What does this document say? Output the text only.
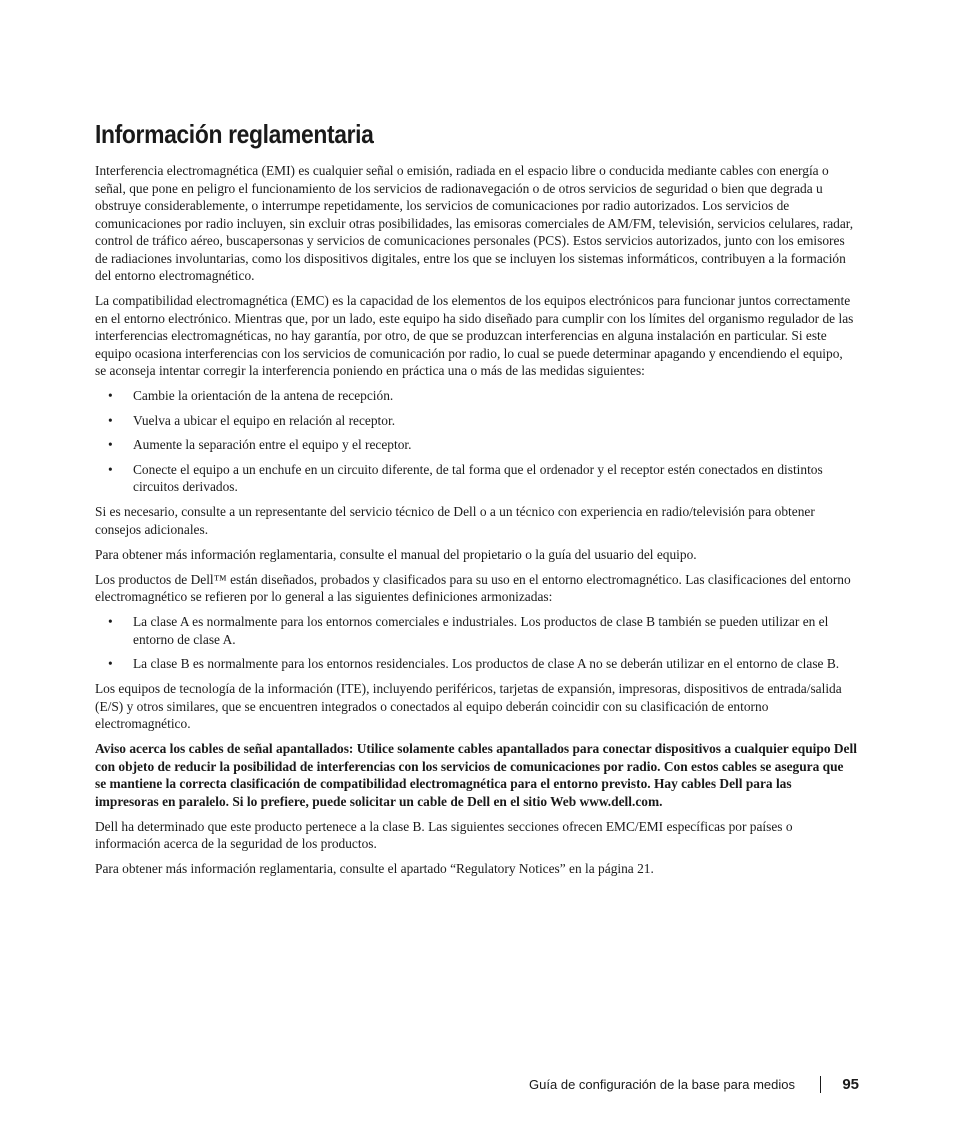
Información reglamentaria

Interferencia electromagnética (EMI) es cualquier señal o emisión, radiada en el espacio libre o conducida mediante cables con energía o señal, que pone en peligro el funcionamiento de los servicios de radionavegación o de otros servicios de seguridad o bien que degrada u obstruye considerablemente, o interrumpe repetidamente, los servicios de comunicaciones por radio autorizados. Los servicios de comunicaciones por radio incluyen, sin excluir otras posibilidades, las emisoras comerciales de AM/FM, televisión, servicios celulares, radar, control de tráfico aéreo, buscapersonas y servicios de comunicaciones personales (PCS). Estos servicios autorizados, junto con los emisores de radiaciones involuntarias, como los dispositivos digitales, entre los que se incluyen los sistemas informáticos, contribuyen a la formación del entorno electromagnético.

La compatibilidad electromagnética (EMC) es la capacidad de los elementos de los equipos electrónicos para funcionar juntos correctamente en el entorno electrónico. Mientras que, por un lado, este equipo ha sido diseñado para cumplir con los límites del organismo regulador de las interferencias electromagnéticas, no hay garantía, por otro, de que se produzcan interferencias en alguna instalación en particular. Si este equipo ocasiona interferencias con los servicios de comunicación por radio, lo cual se puede determinar apagando y encendiendo el equipo, se aconseja intentar corregir la interferencia poniendo en práctica una o más de las medidas siguientes:

• Cambie la orientación de la antena de recepción.
• Vuelva a ubicar el equipo en relación al receptor.
• Aumente la separación entre el equipo y el receptor.
• Conecte el equipo a un enchufe en un circuito diferente, de tal forma que el ordenador y el receptor estén conectados en distintos circuitos derivados.

Si es necesario, consulte a un representante del servicio técnico de Dell o a un técnico con experiencia en radio/televisión para obtener consejos adicionales.

Para obtener más información reglamentaria, consulte el manual del propietario o la guía del usuario del equipo.

Los productos de Dell™ están diseñados, probados y clasificados para su uso en el entorno electromagnético. Las clasificaciones del entorno electromagnético se refieren por lo general a las siguientes definiciones armonizadas:

• La clase A es normalmente para los entornos comerciales e industriales. Los productos de clase B también se pueden utilizar en el entorno de clase A.
• La clase B es normalmente para los entornos residenciales. Los productos de clase A no se deberán utilizar en el entorno de clase B.

Los equipos de tecnología de la información (ITE), incluyendo periféricos, tarjetas de expansión, impresoras, dispositivos de entrada/salida (E/S) y otros similares, que se encuentren integrados o conectados al equipo deberán coincidir con su clasificación de entorno electromagnético.

Aviso acerca los cables de señal apantallados: Utilice solamente cables apantallados para conectar dispositivos a cualquier equipo Dell con objeto de reducir la posibilidad de interferencias con los servicios de comunicaciones por radio. Con estos cables se asegura que se mantiene la correcta clasificación de compatibilidad electromagnética para el entorno previsto. Hay cables Dell para las impresoras en paralelo. Si lo prefiere, puede solicitar un cable de Dell en el sitio Web www.dell.com.

Dell ha determinado que este producto pertenece a la clase B. Las siguientes secciones ofrecen EMC/EMI específicas por países o información acerca de la seguridad de los productos.

Para obtener más información reglamentaria, consulte el apartado “Regulatory Notices” en la página 21.

Guía de configuración de la base para medios	95
